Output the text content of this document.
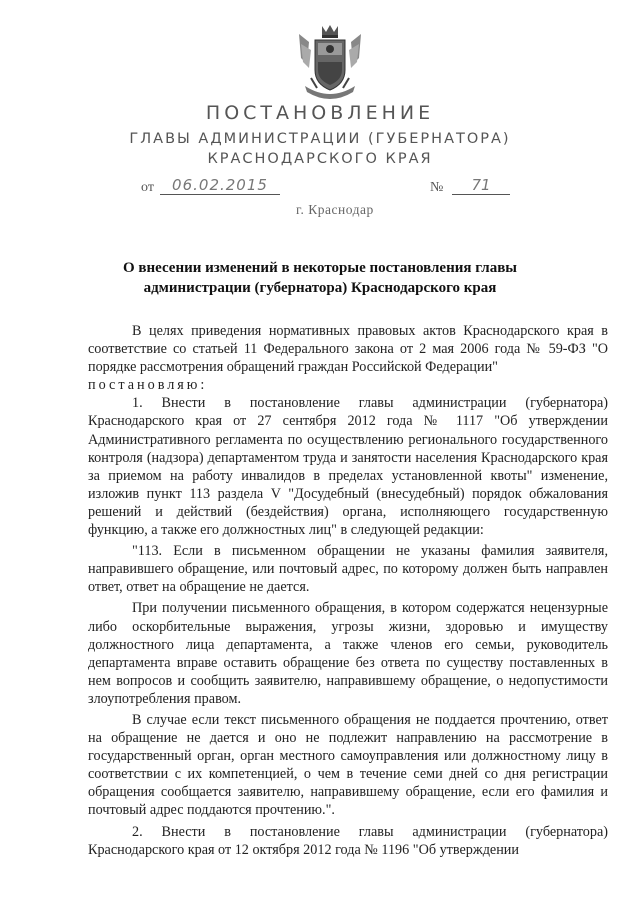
ПОСТАНОВЛЕНИЕ
ГЛАВЫ АДМИНИСТРАЦИИ (ГУБЕРНАТОРА)
КРАСНОДАРСКОГО КРАЯ
от	06.02.2015	№	71
г. Краснодар
О внесении изменений в некоторые постановления главы администрации (губернатора) Краснодарского края

В целях приведения нормативных правовых актов Краснодарского края в соответствие со статьей 11 Федерального закона от 2 мая 2006 года № 59-ФЗ "О порядке рассмотрения обращений граждан Российской Федерации"
постановляю:

1. Внести в постановление главы администрации (губернатора) Краснодарского края от 27 сентября 2012 года № 1117 "Об утверждении Административного регламента по осуществлению регионального государственного контроля (надзора) департаментом труда и занятости населения Краснодарского края за приемом на работу инвалидов в пределах установленной квоты" изменение, изложив пункт 113 раздела V "Досудебный (внесудебный) порядок обжалования решений и действий (бездействия) органа, исполняющего государственную функцию, а также его должностных лиц" в следующей редакции:

"113. Если в письменном обращении не указаны фамилия заявителя, направившего обращение, или почтовый адрес, по которому должен быть направлен ответ, ответ на обращение не дается.

При получении письменного обращения, в котором содержатся нецензурные либо оскорбительные выражения, угрозы жизни, здоровью и имуществу должностного лица департамента, а также членов его семьи, руководитель департамента вправе оставить обращение без ответа по существу поставленных в нем вопросов и сообщить заявителю, направившему обращение, о недопустимости злоупотребления правом.

В случае если текст письменного обращения не поддается прочтению, ответ на обращение не дается и оно не подлежит направлению на рассмотрение в государственный орган, орган местного самоуправления или должностному лицу в соответствии с их компетенцией, о чем в течение семи дней со дня регистрации обращения сообщается заявителю, направившему обращение, если его фамилия и почтовый адрес поддаются прочтению.".

2. Внести в постановление главы администрации (губернатора) Краснодарского края от 12 октября 2012 года № 1196 "Об утверждении
